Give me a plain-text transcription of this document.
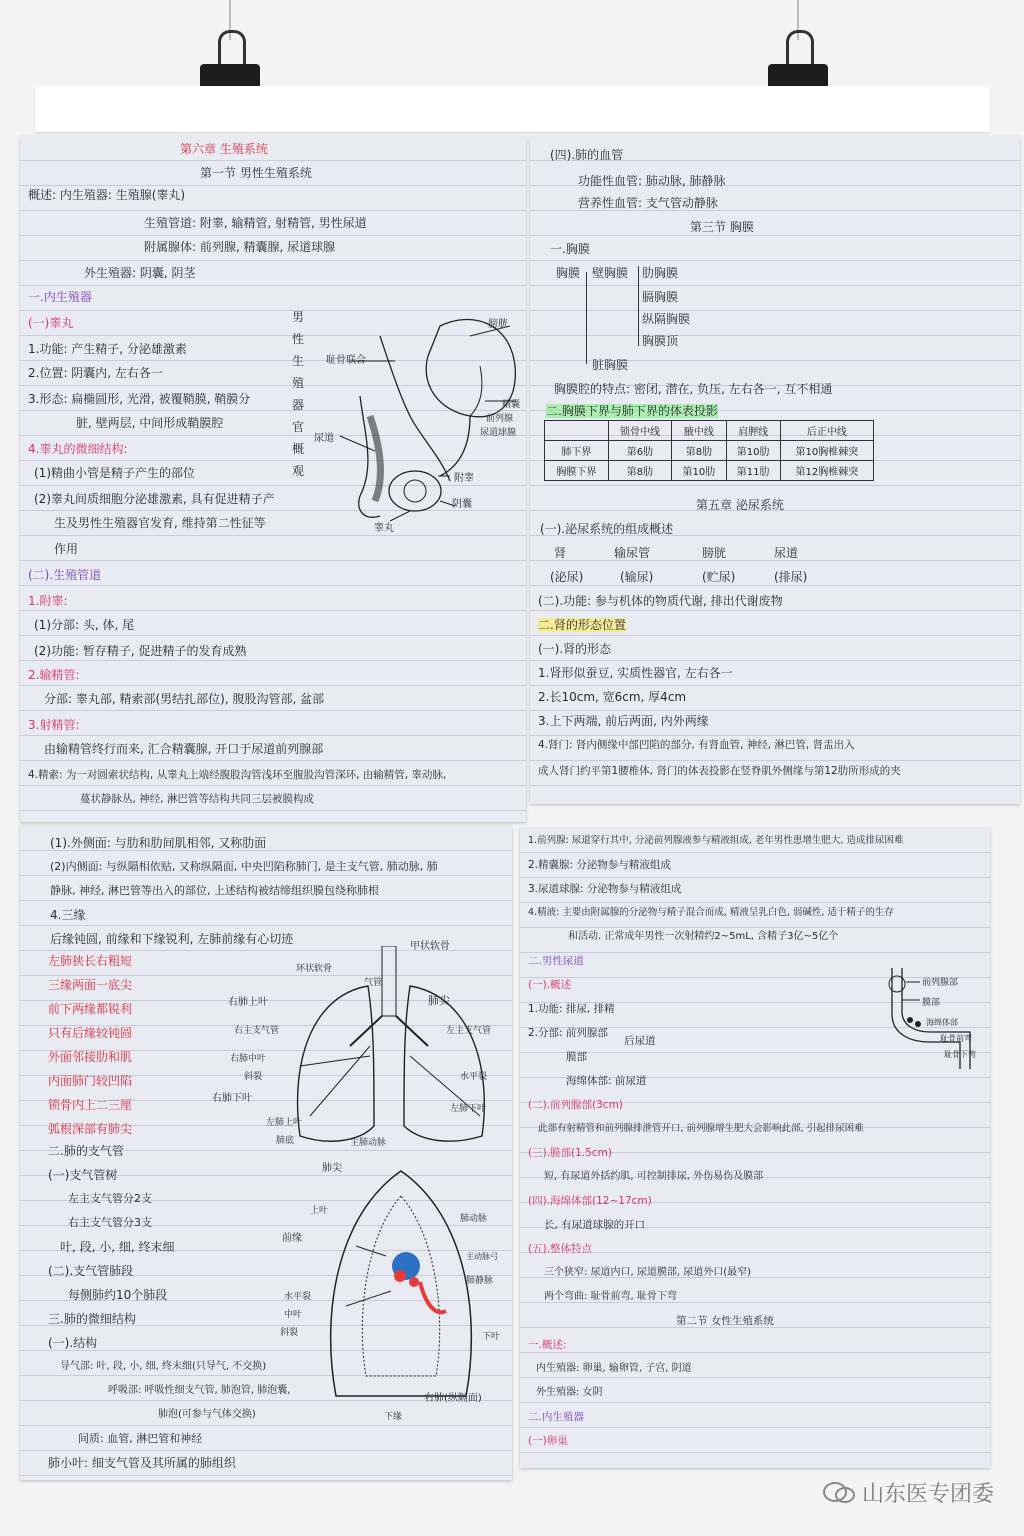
第六章 生殖系统
第一节 男性生殖系统
概述: 内生殖器: 生殖腺(睾丸)
生殖管道: 附睾, 输精管, 射精管, 男性尿道
附属腺体: 前列腺, 精囊腺, 尿道球腺
外生殖器: 阴囊, 阴茎
一.内生殖器
(一)睾丸
1.功能: 产生精子, 分泌雄激素
2.位置: 阴囊内, 左右各一
3.形态: 扁椭圆形, 光滑, 被覆鞘膜, 鞘膜分
脏, 壁两层, 中间形成鞘膜腔
4.睾丸的微细结构:
(1)精曲小管是精子产生的部位
(2)睾丸间质细胞分泌雄激素, 具有促进精子产
生及男性生殖器官发育, 维持第二性征等
作用
(二).生殖管道
1.附睾:
(1)分部: 头, 体, 尾
(2)功能: 暂存精子, 促进精子的发育成熟
2.输精管:
分部: 睾丸部, 精索部(男结扎部位), 腹股沟管部, 盆部
3.射精管:
由输精管终行而来, 汇合精囊腺, 开口于尿道前列腺部
4.精索: 为一对圆索状结构, 从睾丸上端经腹股沟管浅环至腹股沟管深环, 由输精管, 睾动脉,
蔓状静脉丛, 神经, 淋巴管等结构共同三层被膜构成
男性生殖器官概观
膀胱
耻骨联合
尿道
附睾
睾丸
阴囊
精囊
前列腺
尿道球腺
(四).肺的血管
功能性血管: 肺动脉, 肺静脉
营养性血管: 支气管动静脉
第三节 胸膜
一.胸膜
胸膜 壁胸膜 肋胸膜
膈胸膜
纵隔胸膜
胸膜顶
脏胸膜
胸膜腔的特点: 密闭, 潜在, 负压, 左右各一, 互不相通
二.胸膜下界与肺下界的体表投影
	锁骨中线	腋中线	肩胛线	后正中线
肺下界	第6肋	第8肋	第10肋	第10胸椎棘突
胸膜下界	第8肋	第10肋	第11肋	第12胸椎棘突
第五章 泌尿系统
(一).泌尿系统的组成概述
肾	输尿管	膀胱	尿道
(泌尿)	(输尿)	(贮尿)	(排尿)
(二).功能: 参与机体的物质代谢, 排出代谢废物
二.肾的形态位置
(一).肾的形态
1.肾形似蚕豆, 实质性器官, 左右各一
2.长10cm, 宽6cm, 厚4cm
3.上下两端, 前后两面, 内外两缘
4.肾门: 肾内侧缘中部凹陷的部分, 有肾血管, 神经, 淋巴管, 肾盂出入
成人肾门约平第1腰椎体, 肾门的体表投影在竖脊肌外侧缘与第12肋所形成的夹
(1).外侧面: 与肋和肋间肌相邻, 又称肋面
(2)内侧面: 与纵隔相依贴, 又称纵隔面, 中央凹陷称肺门, 是主支气管, 肺动脉, 肺
静脉, 神经, 淋巴管等出入的部位, 上述结构被结缔组织膜包绕称肺根
4.三缘
后缘钝圆, 前缘和下缘锐利, 左肺前缘有心切迹
左肺狭长右粗短
三缘两面一底尖
前下两缘都锐利
只有后缘较钝圆
外面邻接肋和肌
内面肺门较凹陷
锁骨内上二三厘
弧根深部有肺尖
二.肺的支气管
(一)支气管树
左主支气管分2支
右主支气管分3支
叶, 段, 小, 细, 终末细
(二).支气管肺段
每侧肺约10个肺段
三.肺的微细结构
(一).结构
导气部: 叶, 段, 小, 细, 终末细(只导气, 不交换)
呼吸部: 呼吸性细支气管, 肺泡管, 肺泡囊,
肺泡(可参与气体交换)
间质: 血管, 淋巴管和神经
肺小叶: 细支气管及其所属的肺组织
甲状软骨
环状软骨
气管
肺尖
右肺上叶
左主支气管
右主支气管
右肺中叶
斜裂	水平裂
右肺下叶
肺底
左肺上叶
左肺下叶
主肺动脉
肺尖
上叶
肺动脉
前缘
主动脉弓
肺静脉
水平裂
中叶
斜裂	下叶
下缘
右肺(纵隔面)
1.前列腺: 尿道穿行其中, 分泌前列腺液参与精液组成, 老年男性患增生肥大, 造成排尿困难
2.精囊腺: 分泌物参与精液组成
3.尿道球腺: 分泌物参与精液组成
4.精液: 主要由附属腺的分泌物与精子混合而成, 精液呈乳白色, 弱碱性, 适于精子的生存
和活动. 正常成年男性一次射精约2~5mL, 含精子3亿~5亿个
二.男性尿道
(一).概述
1.功能: 排尿, 排精
2.分部: 前列腺部
后尿道
膜部
海绵体部: 前尿道
(二).前列腺部(3cm)
此部有射精管和前列腺排泄管开口, 前列腺增生肥大会影响此部, 引起排尿困难
(三).膜部(1.5cm)
短, 有尿道外括约肌, 可控制排尿, 外伤易伤及膜部
(四).海绵体部(12~17cm)
长, 有尿道球腺的开口
(五).整体特点
三个狭窄: 尿道内口, 尿道膜部, 尿道外口(最窄)
两个弯曲: 耻骨前弯, 耻骨下弯
第二节 女性生殖系统
一.概述:
内生殖器: 卵巢, 输卵管, 子宫, 阴道
外生殖器: 女阴
二.内生殖器
(一)卵巢
前列腺部
膜部
海绵体部
耻骨前弯
耻骨下弯
山东医专团委
